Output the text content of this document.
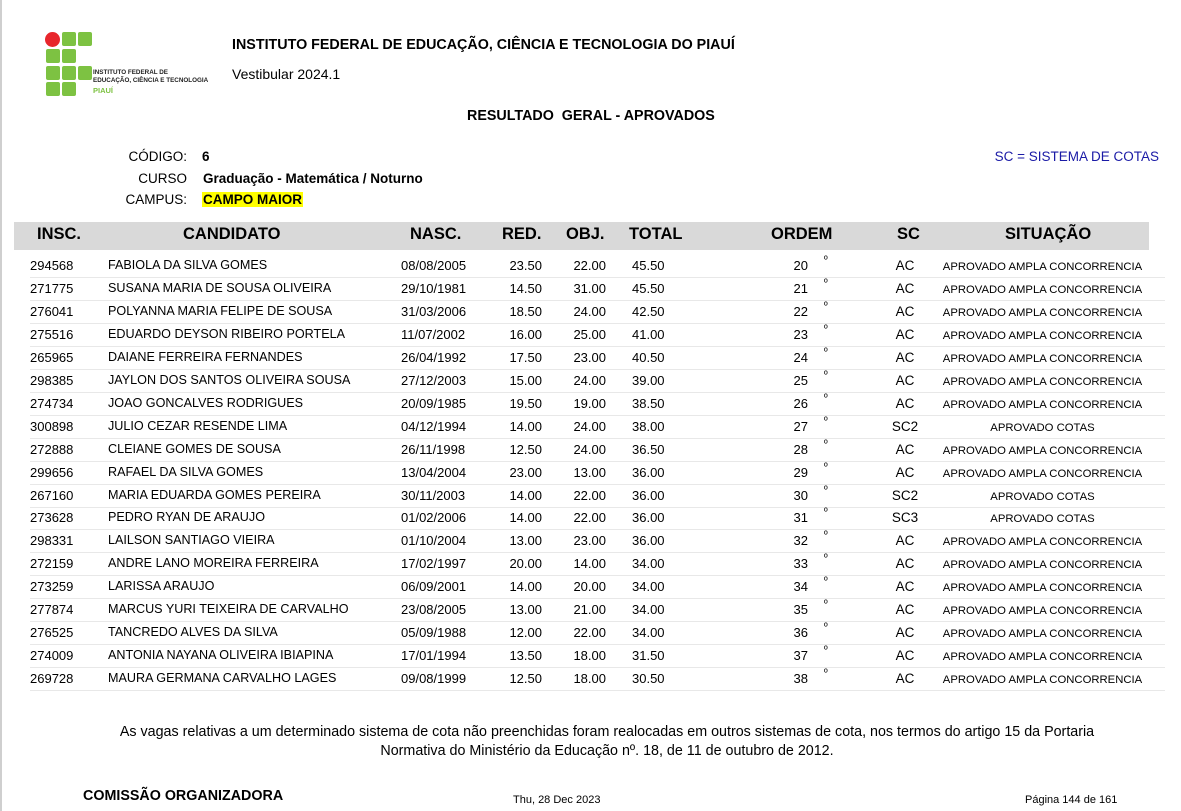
INSTITUTO FEDERAL DE
EDUCAÇÃO, CIÊNCIA E TECNOLOGIA
PIAUÍ
INSTITUTO FEDERAL DE EDUCAÇÃO, CIÊNCIA E TECNOLOGIA DO PIAUÍ
Vestibular 2024.1
RESULTADO  GERAL - APROVADOS
CÓDIGO: 6
CURSO Graduação - Matemática / Noturno
CAMPUS: CAMPO MAIOR
SC = SISTEMA DE COTAS
INSC.	CANDIDATO	NASC. RED. OBJ. TOTAL	ORDEM	SC	SITUAÇÃO
294568	FABIOLA DA SILVA GOMES	08/08/2005	23.50	22.00 45.50	20	AC	APROVADO AMPLA CONCORRENCIA
º
271775	SUSANA MARIA DE SOUSA OLIVEIRA	29/10/1981	14.50	31.00 45.50	21	AC	APROVADO AMPLA CONCORRENCIA
º
276041	POLYANNA MARIA FELIPE DE SOUSA	31/03/2006	18.50	24.00 42.50	22	AC	APROVADO AMPLA CONCORRENCIA
º
275516	EDUARDO DEYSON RIBEIRO PORTELA	11/07/2002	16.00	25.00 41.00	23	AC	APROVADO AMPLA CONCORRENCIA
º
265965	DAIANE FERREIRA FERNANDES	26/04/1992	17.50	23.00 40.50	24	AC	APROVADO AMPLA CONCORRENCIA
º
298385	JAYLON DOS SANTOS OLIVEIRA SOUSA	27/12/2003	15.00	24.00 39.00	25	AC	APROVADO AMPLA CONCORRENCIA
º
274734	JOAO GONCALVES RODRIGUES	20/09/1985	19.50	19.00 38.50	26	AC	APROVADO AMPLA CONCORRENCIA
º
300898	JULIO CEZAR RESENDE LIMA	04/12/1994	14.00	24.00 38.00	27	SC2	APROVADO COTAS
º
272888	CLEIANE GOMES DE SOUSA	26/11/1998	12.50	24.00 36.50	28	AC	APROVADO AMPLA CONCORRENCIA
º
299656	RAFAEL DA SILVA GOMES	13/04/2004	23.00	13.00 36.00	29	AC	APROVADO AMPLA CONCORRENCIA
º
267160	MARIA EDUARDA GOMES PEREIRA	30/11/2003	14.00	22.00 36.00	30	SC2	APROVADO COTAS
º
273628	PEDRO RYAN DE ARAUJO	01/02/2006	14.00	22.00 36.00	31	SC3	APROVADO COTAS
º
298331	LAILSON SANTIAGO VIEIRA	01/10/2004	13.00	23.00 36.00	32	AC	APROVADO AMPLA CONCORRENCIA
º
272159	ANDRE LANO MOREIRA FERREIRA	17/02/1997	20.00	14.00 34.00	33	AC	APROVADO AMPLA CONCORRENCIA
º
273259	LARISSA ARAUJO	06/09/2001	14.00	20.00 34.00	34	AC	APROVADO AMPLA CONCORRENCIA
º
277874	MARCUS YURI TEIXEIRA DE CARVALHO	23/08/2005	13.00	21.00 34.00	35	AC	APROVADO AMPLA CONCORRENCIA
º
276525	TANCREDO ALVES DA SILVA	05/09/1988	12.00	22.00 34.00	36	AC	APROVADO AMPLA CONCORRENCIA
º
274009	ANTONIA NAYANA OLIVEIRA IBIAPINA	17/01/1994	13.50	18.00 31.50	37	AC	APROVADO AMPLA CONCORRENCIA
º
269728	MAURA GERMANA CARVALHO LAGES	09/08/1999	12.50	18.00 30.50	38	AC	APROVADO AMPLA CONCORRENCIA
º
As vagas relativas a um determinado sistema de cota não preenchidas foram realocadas em outros sistemas de cota, nos termos do artigo 15 da Portaria
Normativa do Ministério da Educação nº. 18, de 11 de outubro de 2012.
COMISSÃO ORGANIZADORA	Thu, 28 Dec 2023	Página 144 de 161
